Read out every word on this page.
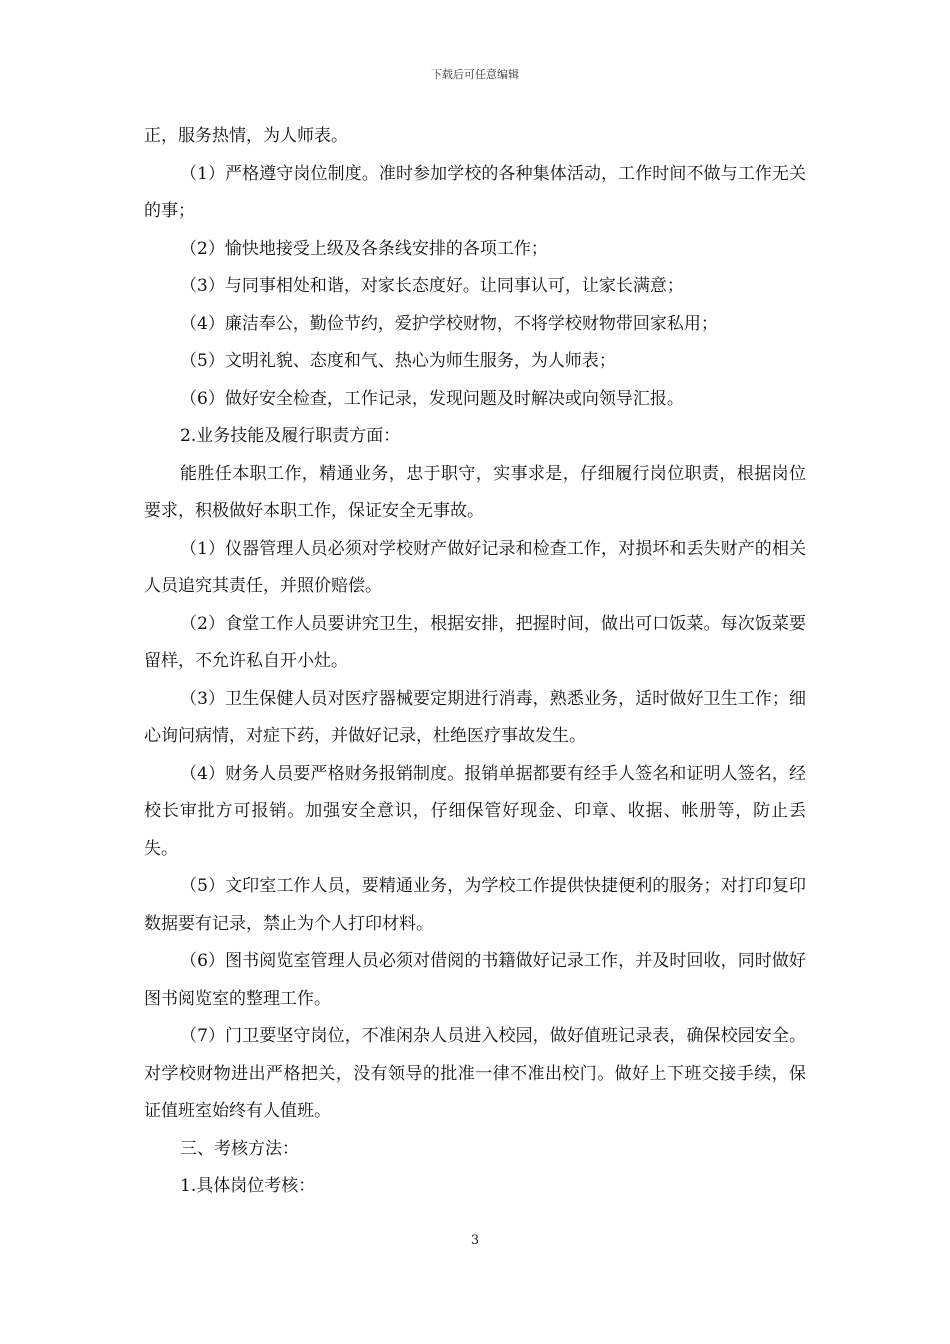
下载后可任意编辑

正，服务热情，为人师表。

（1）严格遵守岗位制度。准时参加学校的各种集体活动，工作时间不做与工作无关的事；

（2）愉快地接受上级及各条线安排的各项工作；

（3）与同事相处和谐，对家长态度好。让同事认可，让家长满意；

（4）廉洁奉公，勤俭节约，爱护学校财物，不将学校财物带回家私用；

（5）文明礼貌、态度和气、热心为师生服务，为人师表；

（6）做好安全检查，工作记录，发现问题及时解决或向领导汇报。

2.业务技能及履行职责方面：

能胜任本职工作，精通业务，忠于职守，实事求是，仔细履行岗位职责，根据岗位要求，积极做好本职工作，保证安全无事故。

（1）仪器管理人员必须对学校财产做好记录和检查工作，对损坏和丢失财产的相关人员追究其责任，并照价赔偿。

（2）食堂工作人员要讲究卫生，根据安排，把握时间，做出可口饭菜。每次饭菜要留样，不允许私自开小灶。

（3）卫生保健人员对医疗器械要定期进行消毒，熟悉业务，适时做好卫生工作；细心询问病情，对症下药，并做好记录，杜绝医疗事故发生。

（4）财务人员要严格财务报销制度。报销单据都要有经手人签名和证明人签名，经校长审批方可报销。加强安全意识，仔细保管好现金、印章、收据、帐册等，防止丢失。

（5）文印室工作人员，要精通业务，为学校工作提供快捷便利的服务；对打印复印数据要有记录，禁止为个人打印材料。

（6）图书阅览室管理人员必须对借阅的书籍做好记录工作，并及时回收，同时做好图书阅览室的整理工作。

（7）门卫要坚守岗位，不准闲杂人员进入校园，做好值班记录表，确保校园安全。对学校财物进出严格把关，没有领导的批准一律不准出校门。做好上下班交接手续，保证值班室始终有人值班。

三、考核方法：

1.具体岗位考核：

3
